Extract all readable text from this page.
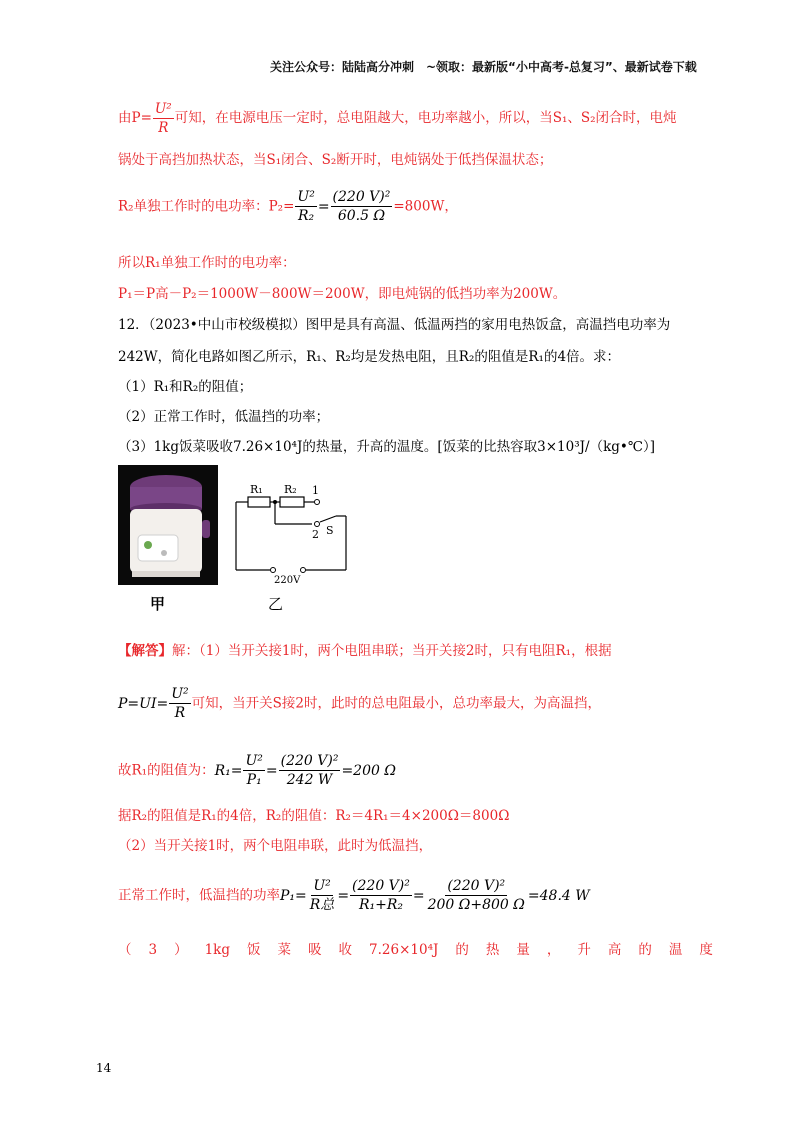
关注公众号：陆陆高分冲刺　~领取：最新版“小中高考-总复习”、最新试卷下载
由$P= \frac{\text{U²}}{R}$ 可知，在电源电压一定时，总电阻越大，电功率越小，所以，当S₁、S₂闭合时，电炖
锅处于高挡加热状态，当S₁闭合、S₂断开时，电炖锅处于低挡保温状态；
R₂单独工作时的电功率：$P_2= \frac{\text{U²}}{\text{R₂}} = \frac{\text{(220 V)²}}{60.5 \Omega} =800W$，
所以R₁单独工作时的电功率：
P₁＝P高－P₂＝1000W－800W＝200W，即电炖锅的低挡功率为200W。
12．（2023•中山市校级模拟）图甲是具有高温、低温两挡的家用电热饭盒，高温挡电功率为
242W，简化电路如图乙所示，R₁、R₂均是发热电阻，且R₂的阻值是R₁的4倍。求：
（1）R₁和R₂的阻值；
（2）正常工作时，低温挡的功率；
（3）1kg饭菜吸收7.26×10⁴J的热量，升高的温度。[饭菜的比热容取3×10³J/（kg•℃）]
甲
R₁ R₂ 1
2 S
220V
乙
【解答】解：（1）当开关接1时，两个电阻串联；当开关接2时，只有电阻R₁，根据
$P=UI= \frac{\text{U²}}{R}$ 可知，当开关S接2时，此时的总电阻最小，总功率最大，为高温挡，
故R₁的阻值为：$R_1= \frac{\text{U²}}{\text{P₁}} = \frac{\text{(220 V)²}}{242 W} =200$ Ω
据R₂的阻值是R₁的4倍，R₂的阻值：R₂＝4R₁＝4×200Ω＝800Ω
（2）当开关接1时，两个电阻串联，此时为低温挡，
正常工作时，低温挡的功率$P_1= \frac{\text{U²}}{\text{R总}} = \frac{\text{(220 V)²}}{\text{R₁+R₂}} = \frac{\text{(220 V)²}}{200 \Omega+800 \Omega} =48.4$ W
（ 3 ） 1kg 饭 菜 吸 收 7.26×10⁴J 的 热 量 ， 升 高 的 温 度
14
